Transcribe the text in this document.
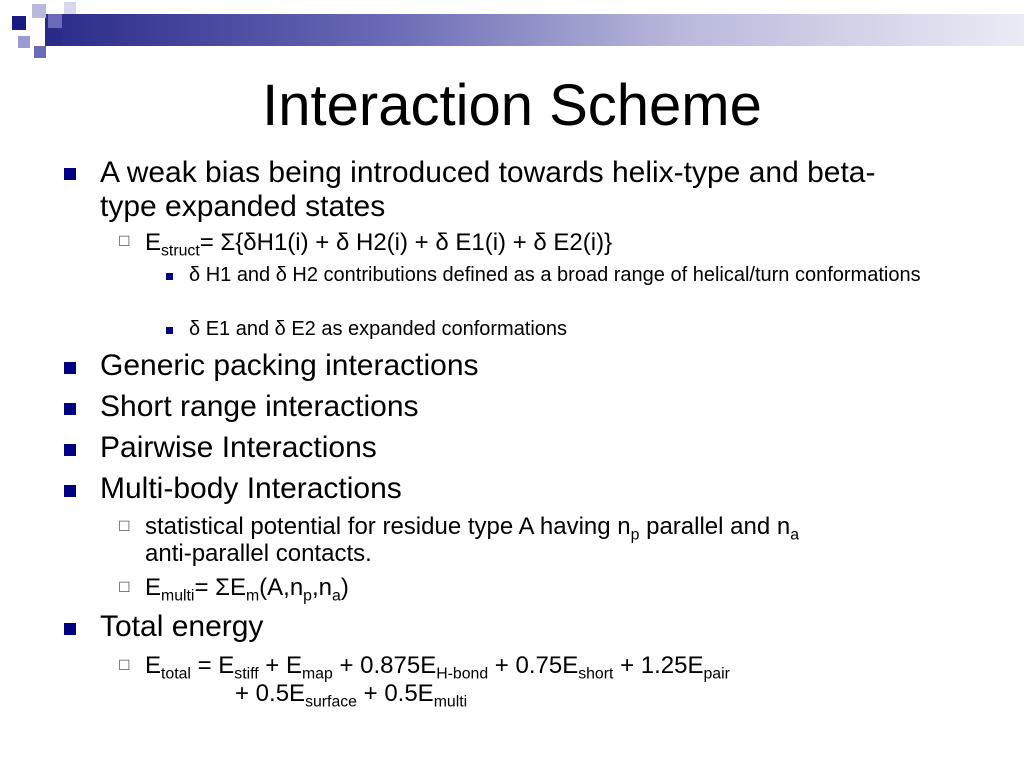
Interaction Scheme
A weak bias being introduced towards helix-type and beta-type expanded states
☐ $E_{struct}= \Sigma\{\delta H1(i) + \delta$ H2(i) + δ E1(i) + δ E2(i)}
δ H1 and δ H2 contributions defined as a broad range of helical/turn conformations
δ E1 and δ E2 as expanded conformations
Generic packing interactions
Short range interactions
Pairwise Interactions
Multi-body Interactions
☐ statistical potential for residue type A having $n_p$ parallel and $n_a$
anti-parallel contacts.
☐ $E_{multi}= \Sigma E_m(A,n_p,n_a)$
Total energy
☐ $E_{total} = E_{stiff} + E_{map} + 0.875E_{H-bond} + 0.75E_{short} + 1.25E_{pair}$
+ $0.5E_{surface} + 0.5E_{multi}$
